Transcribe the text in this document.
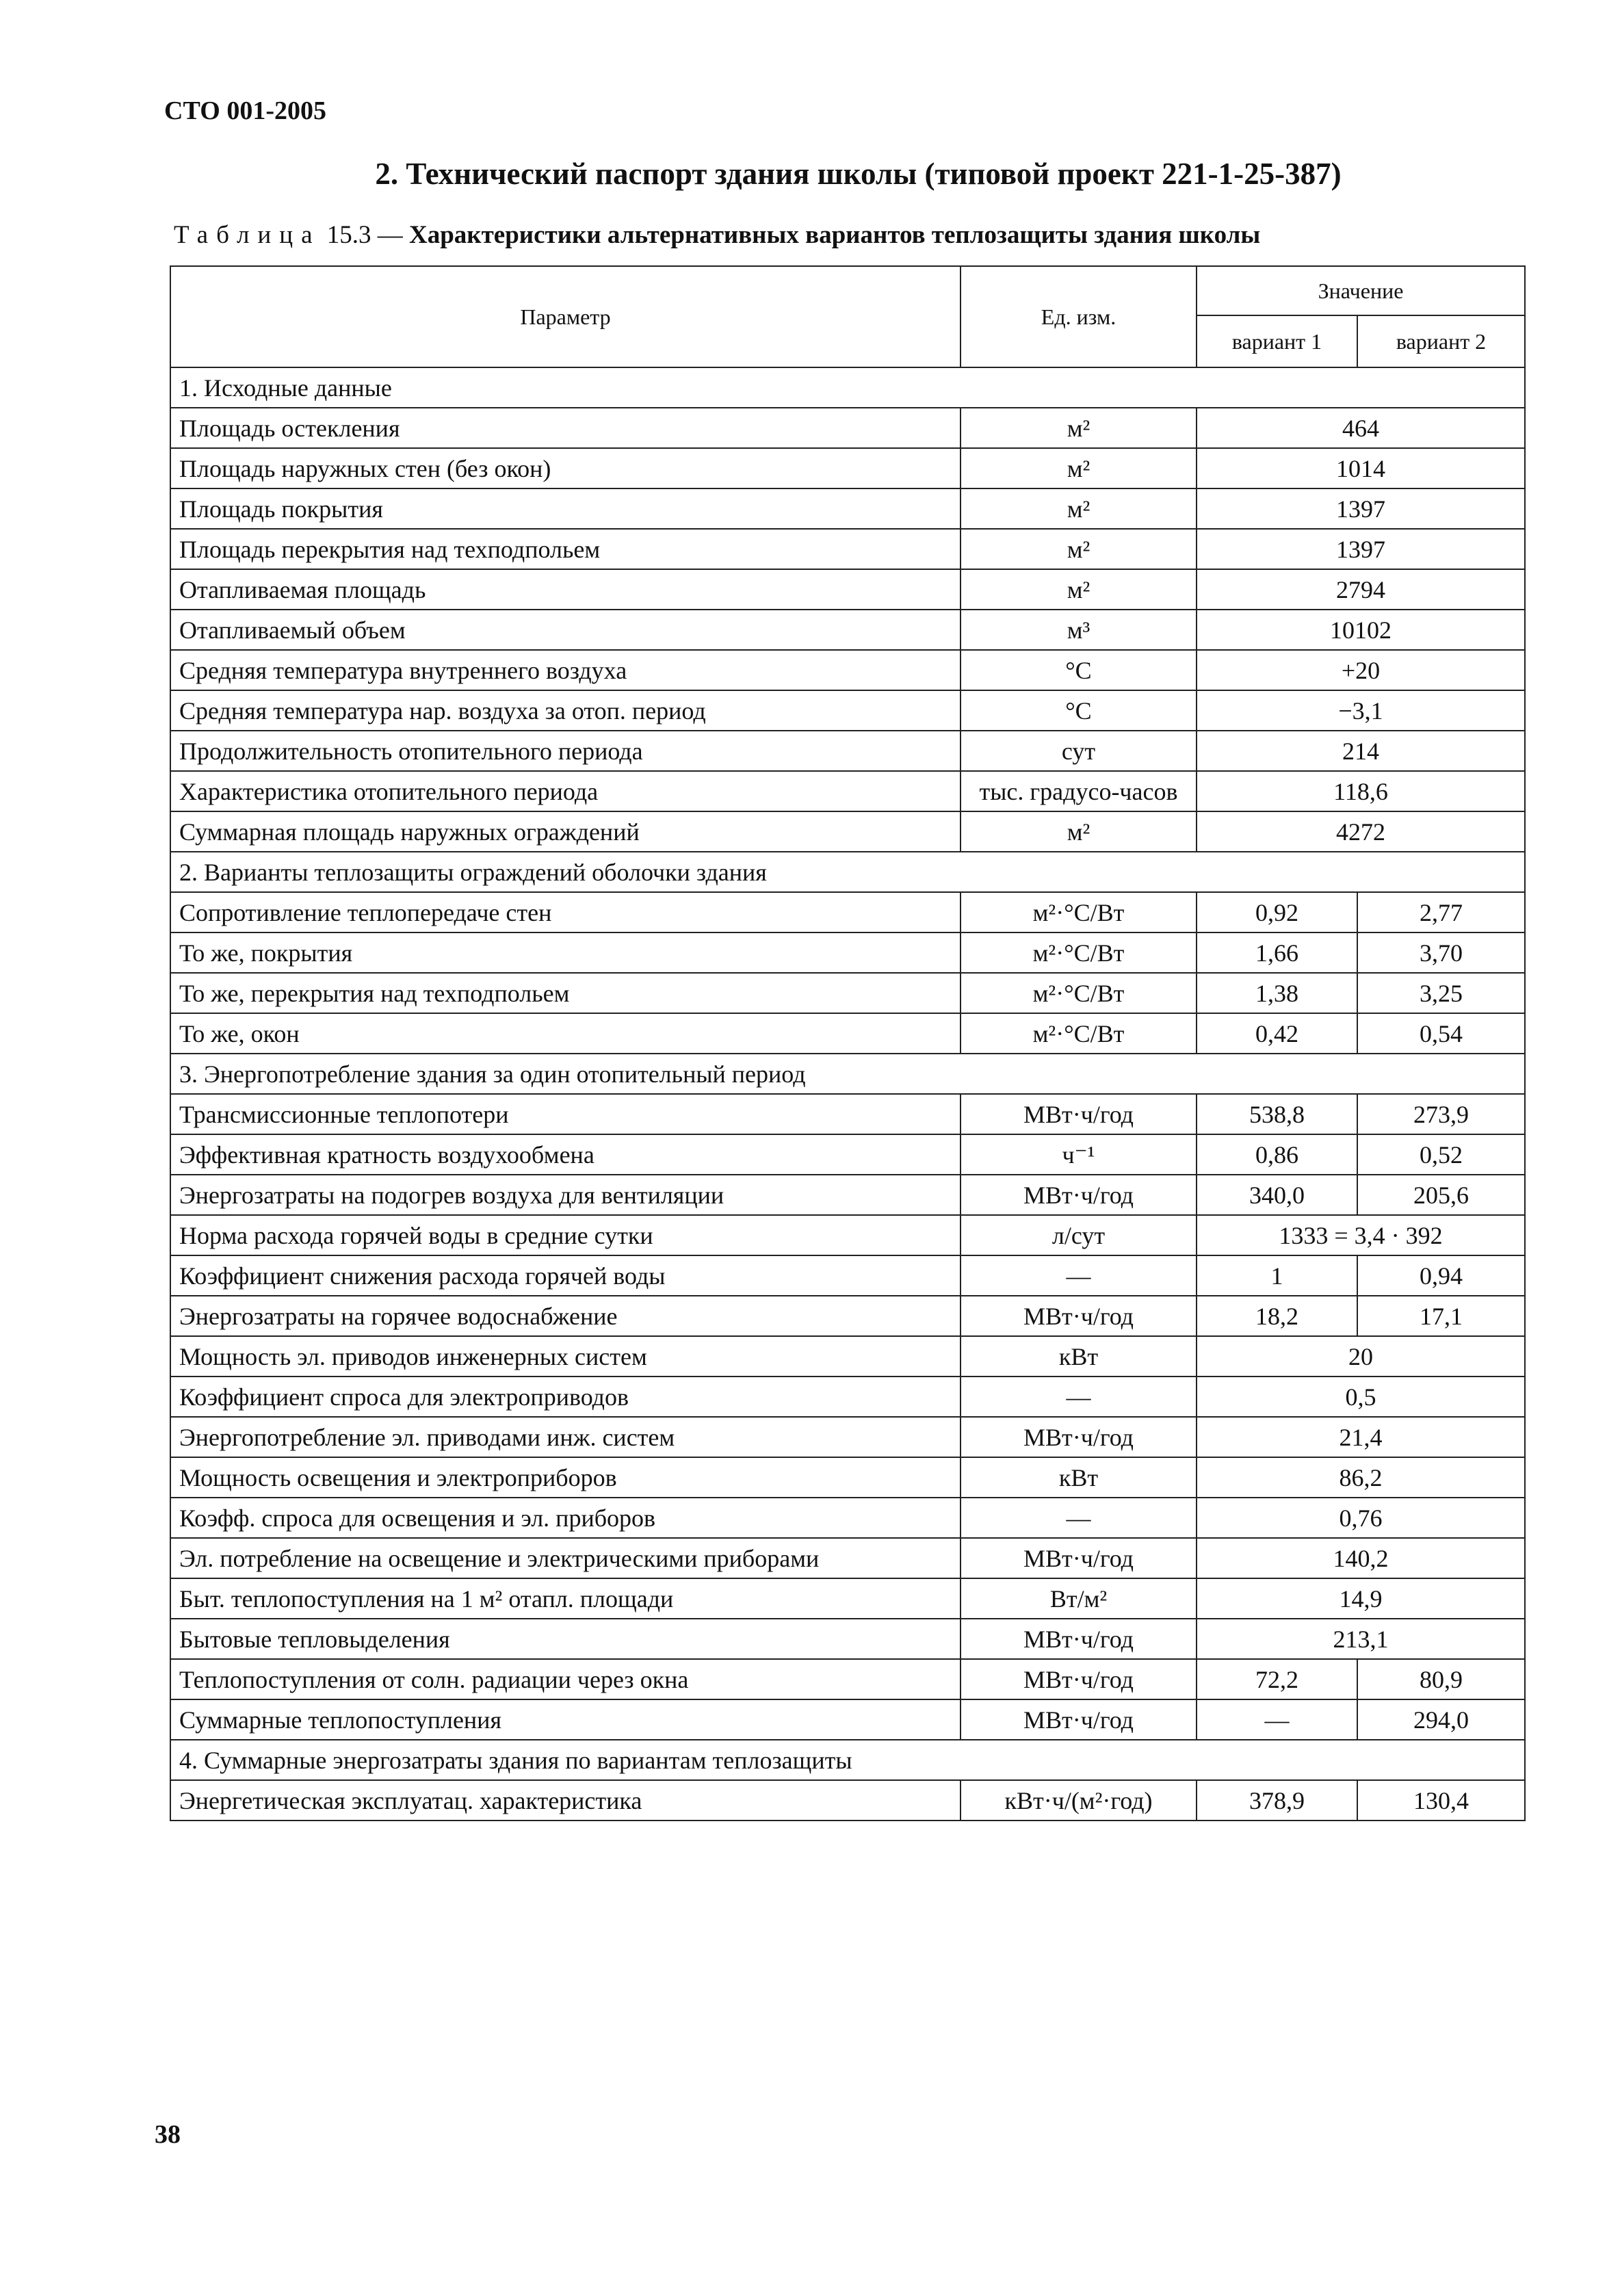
СТО 001-2005
2. Технический паспорт здания школы (типовой проект 221-1-25-387)
Таблица 15.3 — Характеристики альтернативных вариантов теплозащиты здания школы
Параметр	Ед. изм.	Значение	
		вариант 1	вариант 2
1. Исходные данные			
Площадь остекления	м²	464	
Площадь наружных стен (без окон)	м²	1014	
Площадь покрытия	м²	1397	
Площадь перекрытия над техподпольем	м²	1397	
Отапливаемая площадь	м²	2794	
Отапливаемый объем	м³	10102	
Средняя температура внутреннего воздуха	°С	+20	
Средняя температура нар. воздуха за отоп. период	°С	−3,1	
Продолжительность отопительного периода	сут	214	
Характеристика отопительного периода	тыс. градусо-часов	118,6	
Суммарная площадь наружных ограждений	м²	4272	
2. Варианты теплозащиты ограждений оболочки здания			
Сопротивление теплопередаче стен	м²·°С/Вт	0,92	2,77
То же, покрытия	м²·°С/Вт	1,66	3,70
То же, перекрытия над техподпольем	м²·°С/Вт	1,38	3,25
То же, окон	м²·°С/Вт	0,42	0,54
3. Энергопотребление здания за один отопительный период			
Трансмиссионные теплопотери	МВт·ч/год	538,8	273,9
Эффективная кратность воздухообмена	ч⁻¹	0,86	0,52
Энергозатраты на подогрев воздуха для вентиляции	МВт·ч/год	340,0	205,6
Норма расхода горячей воды в средние сутки	л/сут	1333 = 3,4 · 392	
Коэффициент снижения расхода горячей воды	—	1	0,94
Энергозатраты на горячее водоснабжение	МВт·ч/год	18,2	17,1
Мощность эл. приводов инженерных систем	кВт	20	
Коэффициент спроса для электроприводов	—	0,5	
Энергопотребление эл. приводами инж. систем	МВт·ч/год	21,4	
Мощность освещения и электроприборов	кВт	86,2	
Коэфф. спроса для освещения и эл. приборов	—	0,76	
Эл. потребление на освещение и электрическими приборами	МВт·ч/год	140,2	
Быт. теплопоступления на 1 м² отапл. площади	Вт/м²	14,9	
Бытовые тепловыделения	МВт·ч/год	213,1	
Теплопоступления от солн. радиации через окна	МВт·ч/год	72,2	80,9
Суммарные теплопоступления	МВт·ч/год	—	294,0
4. Суммарные энергозатраты здания по вариантам теплозащиты			
Энергетическая эксплуатац. характеристика	кВт·ч/(м²·год)	378,9	130,4
38
